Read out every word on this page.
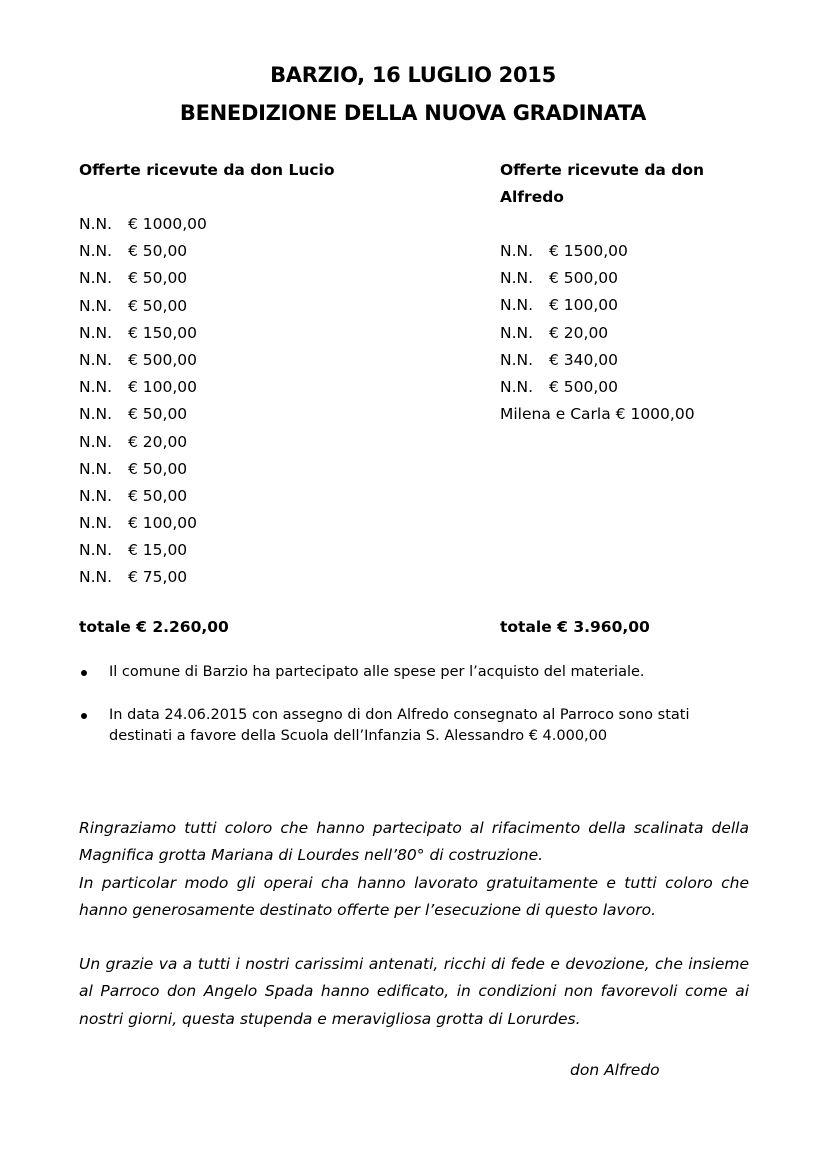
BARZIO, 16 LUGLIO 2015
BENEDIZIONE DELLA NUOVA GRADINATA

Offerte ricevute da don Lucio

N.N. € 1000,00
N.N. € 50,00
N.N. € 50,00
N.N. € 50,00
N.N. € 150,00
N.N. € 500,00
N.N. € 100,00
N.N. € 50,00
N.N. € 20,00
N.N. € 50,00
N.N. € 50,00
N.N. € 100,00
N.N. € 15,00
N.N. € 75,00

Offerte ricevute da don Alfredo

N.N. € 1500,00
N.N. € 500,00
N.N. € 100,00
N.N. € 20,00
N.N. € 340,00
N.N. € 500,00
Milena e Carla € 1000,00
totale € 2.260,00	totale € 3.960,00
Il comune di Barzio ha partecipato alle spese per l’acquisto del materiale.
In data 24.06.2015 con assegno di don Alfredo consegnato al Parroco sono stati destinati a favore della Scuola dell’Infanzia S. Alessandro € 4.000,00

Ringraziamo tutti coloro che hanno partecipato al rifacimento della scalinata della Magnifica grotta Mariana di Lourdes nell’80° di costruzione.
In particolar modo gli operai cha hanno lavorato gratuitamente e tutti coloro che hanno generosamente destinato offerte per l’esecuzione di questo lavoro.

Un grazie va a tutti i nostri carissimi antenati, ricchi di fede e devozione, che insieme al Parroco don Angelo Spada hanno edificato, in condizioni non favorevoli come ai nostri giorni, questa stupenda e meravigliosa grotta di Lorurdes.

don Alfredo
